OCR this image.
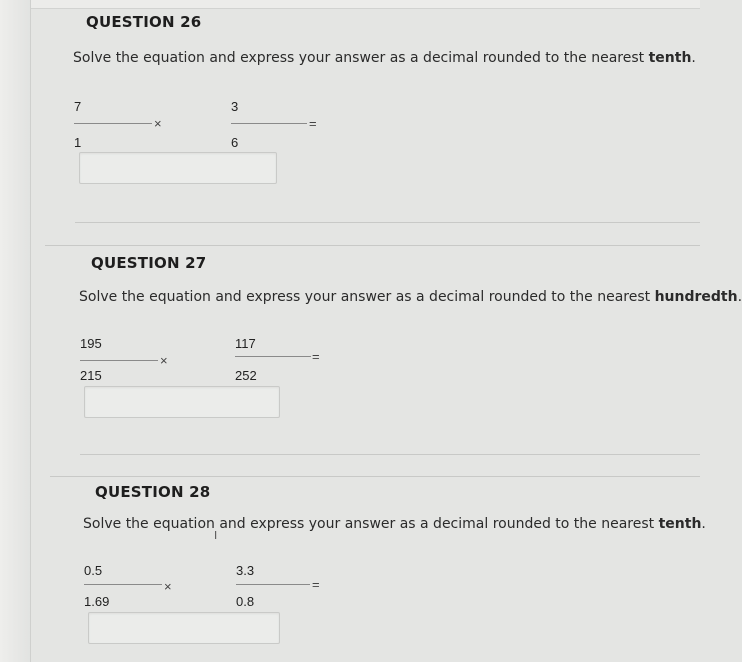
QUESTION 26
Solve the equation and express your answer as a decimal rounded to the nearest tenth.
7
1
×
3
6
=
QUESTION 27
Solve the equation and express your answer as a decimal rounded to the nearest hundredth.
195
215
×
117
252
=
QUESTION 28
Solve the equation and express your answer as a decimal rounded to the nearest tenth.
I
0.5
1.69
×
3.3
0.8
=
